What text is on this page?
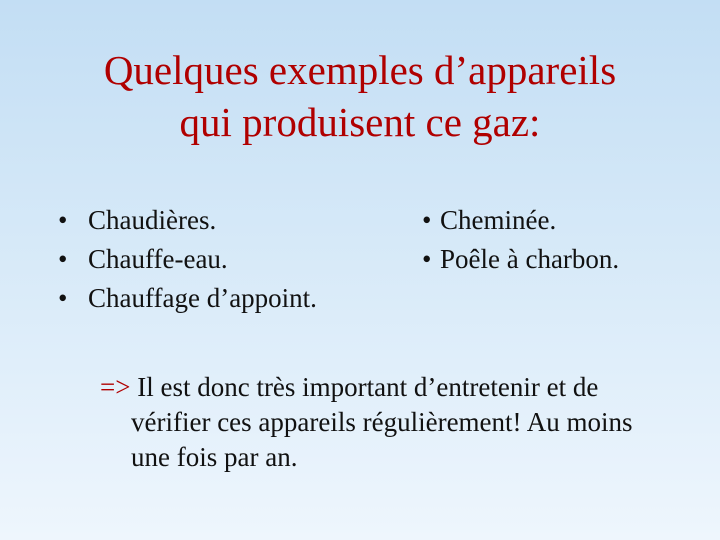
Quelques exemples d’appareils
qui produisent ce gaz:
• Chaudières.
• Chauffe-eau.
• Chauffage d’appoint.
• Cheminée.
• Poêle à charbon.
=> Il est donc très important d’entretenir et de
vérifier ces appareils régulièrement! Au moins
une fois par an.
